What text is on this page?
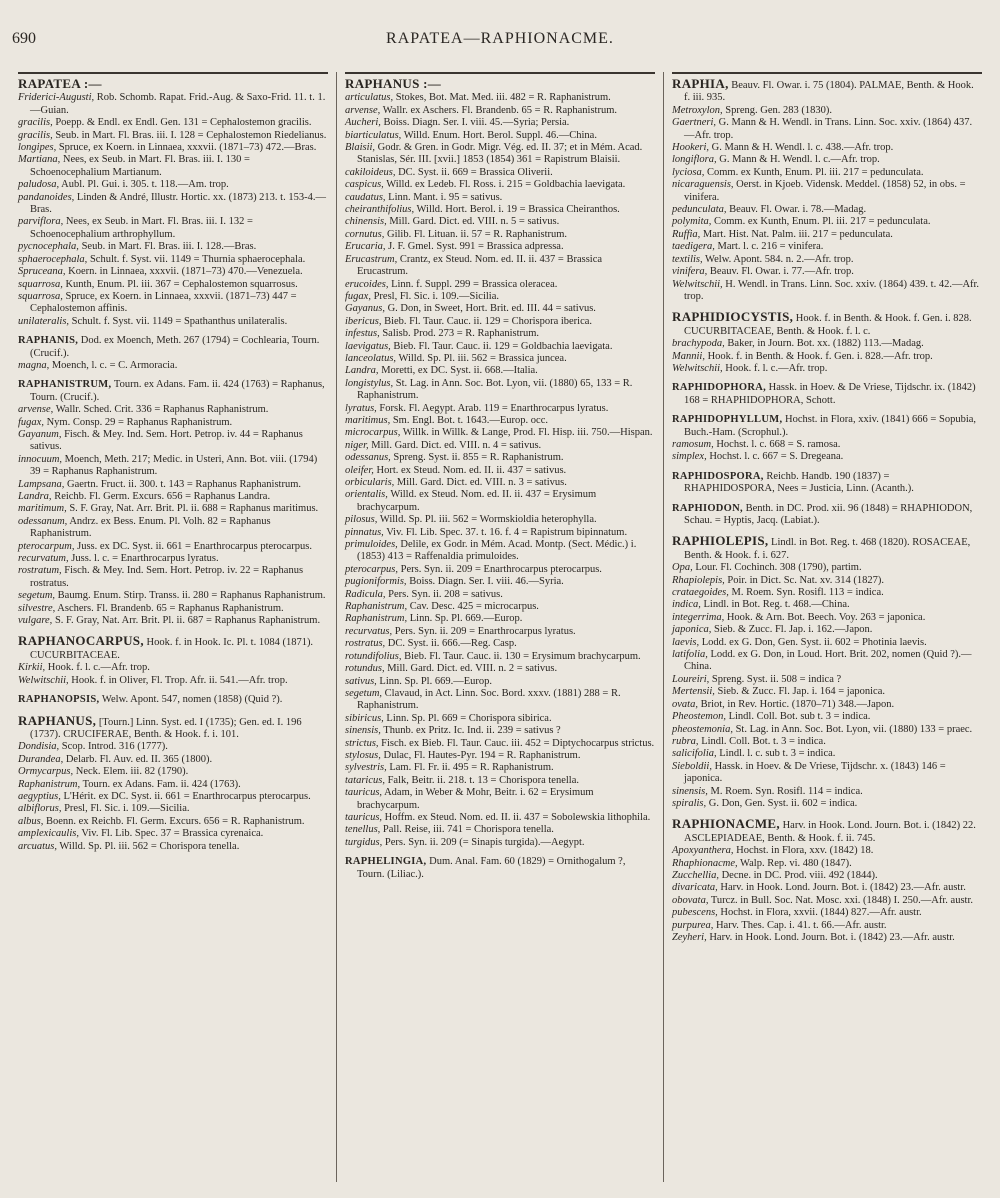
690	RAPATEA—RAPHIONACME.

RAPATEA :—

Friderici-Augusti, Rob. Schomb. Rapat. Frid.-Aug. & Saxo-Frid. 11. t. 1.—Guian.

gracilis, Poepp. & Endl. ex Endl. Gen. 131 = Cephalostemon gracilis.

gracilis, Seub. in Mart. Fl. Bras. iii. I. 128 = Cephalostemon Riedelianus.

longipes, Spruce, ex Koern. in Linnaea, xxxvii. (1871–73) 472.—Bras.

Martiana, Nees, ex Seub. in Mart. Fl. Bras. iii. I. 130 = Schoenocephalium Martianum.

paludosa, Aubl. Pl. Gui. i. 305. t. 118.—Am. trop.

pandanoides, Linden & André, Illustr. Hortic. xx. (1873) 213. t. 153-4.—Bras.

parviflora, Nees, ex Seub. in Mart. Fl. Bras. iii. I. 132 = Schoenocephalium arthrophyllum.

pycnocephala, Seub. in Mart. Fl. Bras. iii. I. 128.—Bras.

sphaerocephala, Schult. f. Syst. vii. 1149 = Thurnia sphaerocephala.

Spruceana, Koern. in Linnaea, xxxvii. (1871–73) 470.—Venezuela.

squarrosa, Kunth, Enum. Pl. iii. 367 = Cephalostemon squarrosus.

squarrosa, Spruce, ex Koern. in Linnaea, xxxvii. (1871–73) 447 = Cephalostemon affinis.

unilateralis, Schult. f. Syst. vii. 1149 = Spathanthus unilateralis.

RAPHANIS, Dod. ex Moench, Meth. 267 (1794) = Cochlearia, Tourn. (Crucif.).

magna, Moench, l. c. = C. Armoracia.

RAPHANISTRUM, Tourn. ex Adans. Fam. ii. 424 (1763) = Raphanus, Tourn. (Crucif.).

arvense, Wallr. Sched. Crit. 336 = Raphanus Raphanistrum.

fugax, Nym. Consp. 29 = Raphanus Raphanistrum.

Gayanum, Fisch. & Mey. Ind. Sem. Hort. Petrop. iv. 44 = Raphanus sativus.

innocuum, Moench, Meth. 217; Medic. in Usteri, Ann. Bot. viii. (1794) 39 = Raphanus Raphanistrum.

Lampsana, Gaertn. Fruct. ii. 300. t. 143 = Raphanus Raphanistrum.

Landra, Reichb. Fl. Germ. Excurs. 656 = Raphanus Landra.

maritimum, S. F. Gray, Nat. Arr. Brit. Pl. ii. 688 = Raphanus maritimus.

odessanum, Andrz. ex Bess. Enum. Pl. Volh. 82 = Raphanus Raphanistrum.

pterocarpum, Juss. ex DC. Syst. ii. 661 = Enarthrocarpus pterocarpus.

recurvatum, Juss. l. c. = Enarthrocarpus lyratus.

rostratum, Fisch. & Mey. Ind. Sem. Hort. Petrop. iv. 22 = Raphanus rostratus.

segetum, Baumg. Enum. Stirp. Transs. ii. 280 = Raphanus Raphanistrum.

silvestre, Aschers. Fl. Brandenb. 65 = Raphanus Raphanistrum.

vulgare, S. F. Gray, Nat. Arr. Brit. Pl. ii. 687 = Raphanus Raphanistrum.

RAPHANOCARPUS, Hook. f. in Hook. Ic. Pl. t. 1084 (1871). CUCURBITACEAE.

Kirkii, Hook. f. l. c.—Afr. trop.

Welwitschii, Hook. f. in Oliver, Fl. Trop. Afr. ii. 541.—Afr. trop.

RAPHANOPSIS, Welw. Apont. 547, nomen (1858) (Quid ?).

RAPHANUS, [Tourn.] Linn. Syst. ed. I (1735); Gen. ed. I. 196 (1737). CRUCIFERAE, Benth. & Hook. f. i. 101.

Dondisia, Scop. Introd. 316 (1777).

Durandea, Delarb. Fl. Auv. ed. II. 365 (1800).

Ormycarpus, Neck. Elem. iii. 82 (1790).

Raphanistrum, Tourn. ex Adans. Fam. ii. 424 (1763).

aegyptius, L'Hérit. ex DC. Syst. ii. 661 = Enarthrocarpus pterocarpus.

albiflorus, Presl, Fl. Sic. i. 109.—Sicilia.

albus, Boenn. ex Reichb. Fl. Germ. Excurs. 656 = R. Raphanistrum.

amplexicaulis, Viv. Fl. Lib. Spec. 37 = Brassica cyrenaica.

arcuatus, Willd. Sp. Pl. iii. 562 = Chorispora tenella.

RAPHANUS :—

articulatus, Stokes, Bot. Mat. Med. iii. 482 = R. Raphanistrum.

arvense, Wallr. ex Aschers. Fl. Brandenb. 65 = R. Raphanistrum.

Aucheri, Boiss. Diagn. Ser. I. viii. 45.—Syria; Persia.

biarticulatus, Willd. Enum. Hort. Berol. Suppl. 46.—China.

Blaisii, Godr. & Gren. in Godr. Migr. Vég. ed. II. 37; et in Mém. Acad. Stanislas, Sér. III. [xvii.] 1853 (1854) 361 = Rapistrum Blaisii.

cakiloideus, DC. Syst. ii. 669 = Brassica Oliverii.

caspicus, Willd. ex Ledeb. Fl. Ross. i. 215 = Goldbachia laevigata.

caudatus, Linn. Mant. i. 95 = sativus.

cheiranthifolius, Willd. Hort. Berol. i. 19 = Brassica Cheiranthos.

chinensis, Mill. Gard. Dict. ed. VIII. n. 5 = sativus.

cornutus, Gilib. Fl. Lituan. ii. 57 = R. Raphanistrum.

Erucaria, J. F. Gmel. Syst. 991 = Brassica adpressa.

Erucastrum, Crantz, ex Steud. Nom. ed. II. ii. 437 = Brassica Erucastrum.

erucoides, Linn. f. Suppl. 299 = Brassica oleracea.

fugax, Presl, Fl. Sic. i. 109.—Sicilia.

Gayanus, G. Don, in Sweet, Hort. Brit. ed. III. 44 = sativus.

ibericus, Bieb. Fl. Taur. Cauc. ii. 129 = Chorispora iberica.

infestus, Salisb. Prod. 273 = R. Raphanistrum.

laevigatus, Bieb. Fl. Taur. Cauc. ii. 129 = Goldbachia laevigata.

lanceolatus, Willd. Sp. Pl. iii. 562 = Brassica juncea.

Landra, Moretti, ex DC. Syst. ii. 668.—Italia.

longistylus, St. Lag. in Ann. Soc. Bot. Lyon, vii. (1880) 65, 133 = R. Raphanistrum.

lyratus, Forsk. Fl. Aegypt. Arab. 119 = Enarthrocarpus lyratus.

maritimus, Sm. Engl. Bot. t. 1643.—Europ. occ.

microcarpus, Willk. in Willk. & Lange, Prod. Fl. Hisp. iii. 750.—Hispan.

niger, Mill. Gard. Dict. ed. VIII. n. 4 = sativus.

odessanus, Spreng. Syst. ii. 855 = R. Raphanistrum.

oleifer, Hort. ex Steud. Nom. ed. II. ii. 437 = sativus.

orbicularis, Mill. Gard. Dict. ed. VIII. n. 3 = sativus.

orientalis, Willd. ex Steud. Nom. ed. II. ii. 437 = Erysimum brachycarpum.

pilosus, Willd. Sp. Pl. iii. 562 = Wormskioldia heterophylla.

pinnatus, Viv. Fl. Lib. Spec. 37. t. 16. f. 4 = Rapistrum bipinnatum.

primuloides, Delile, ex Godr. in Mém. Acad. Montp. (Sect. Médic.) i. (1853) 413 = Raffenaldia primuloides.

pterocarpus, Pers. Syn. ii. 209 = Enarthrocarpus pterocarpus.

pugioniformis, Boiss. Diagn. Ser. I. viii. 46.—Syria.

Radicula, Pers. Syn. ii. 208 = sativus.

Raphanistrum, Cav. Desc. 425 = microcarpus.

Raphanistrum, Linn. Sp. Pl. 669.—Europ.

recurvatus, Pers. Syn. ii. 209 = Enarthrocarpus lyratus.

rostratus, DC. Syst. ii. 666.—Reg. Casp.

rotundifolius, Bieb. Fl. Taur. Cauc. ii. 130 = Erysimum brachycarpum.

rotundus, Mill. Gard. Dict. ed. VIII. n. 2 = sativus.

sativus, Linn. Sp. Pl. 669.—Europ.

segetum, Clavaud, in Act. Linn. Soc. Bord. xxxv. (1881) 288 = R. Raphanistrum.

sibiricus, Linn. Sp. Pl. 669 = Chorispora sibirica.

sinensis, Thunb. ex Pritz. Ic. Ind. ii. 239 = sativus ?

strictus, Fisch. ex Bieb. Fl. Taur. Cauc. iii. 452 = Diptychocarpus strictus.

stylosus, Dulac, Fl. Hautes-Pyr. 194 = R. Raphanistrum.

sylvestris, Lam. Fl. Fr. ii. 495 = R. Raphanistrum.

tataricus, Falk, Beitr. ii. 218. t. 13 = Chorispora tenella.

tauricus, Adam, in Weber & Mohr, Beitr. i. 62 = Erysimum brachycarpum.

tauricus, Hoffm. ex Steud. Nom. ed. II. ii. 437 = Sobolewskia lithophila.

tenellus, Pall. Reise, iii. 741 = Chorispora tenella.

turgidus, Pers. Syn. ii. 209 (= Sinapis turgida).—Aegypt.

RAPHELINGIA, Dum. Anal. Fam. 60 (1829) = Ornithogalum ?, Tourn. (Liliac.).

RAPHIA, Beauv. Fl. Owar. i. 75 (1804). PALMAE, Benth. & Hook. f. iii. 935.

Metroxylon, Spreng. Gen. 283 (1830).

Gaertneri, G. Mann & H. Wendl. in Trans. Linn. Soc. xxiv. (1864) 437.—Afr. trop.

Hookeri, G. Mann & H. Wendl. l. c. 438.—Afr. trop.

longiflora, G. Mann & H. Wendl. l. c.—Afr. trop.

lyciosa, Comm. ex Kunth, Enum. Pl. iii. 217 = pedunculata.

nicaraguensis, Oerst. in Kjoeb. Vidensk. Meddel. (1858) 52, in obs. = vinifera.

pedunculata, Beauv. Fl. Owar. i. 78.—Madag.

polymita, Comm. ex Kunth, Enum. Pl. iii. 217 = pedunculata.

Ruffia, Mart. Hist. Nat. Palm. iii. 217 = pedunculata.

taedigera, Mart. l. c. 216 = vinifera.

textilis, Welw. Apont. 584. n. 2.—Afr. trop.

vinifera, Beauv. Fl. Owar. i. 77.—Afr. trop.

Welwitschii, H. Wendl. in Trans. Linn. Soc. xxiv. (1864) 439. t. 42.—Afr. trop.

RAPHIDIOCYSTIS, Hook. f. in Benth. & Hook. f. Gen. i. 828. CUCURBITACEAE, Benth. & Hook. f. l. c.

brachypoda, Baker, in Journ. Bot. xx. (1882) 113.—Madag.

Mannii, Hook. f. in Benth. & Hook. f. Gen. i. 828.—Afr. trop.

Welwitschii, Hook. f. l. c.—Afr. trop.

RAPHIDOPHORA, Hassk. in Hoev. & De Vriese, Tijdschr. ix. (1842) 168 = RHAPHIDOPHORA, Schott.

RAPHIDOPHYLLUM, Hochst. in Flora, xxiv. (1841) 666 = Sopubia, Buch.-Ham. (Scrophul.).

ramosum, Hochst. l. c. 668 = S. ramosa.

simplex, Hochst. l. c. 667 = S. Dregeana.

RAPHIDOSPORA, Reichb. Handb. 190 (1837) = RHAPHIDOSPORA, Nees = Justicia, Linn. (Acanth.).

RAPHIODON, Benth. in DC. Prod. xii. 96 (1848) = RHAPHIODON, Schau. = Hyptis, Jacq. (Labiat.).

RAPHIOLEPIS, Lindl. in Bot. Reg. t. 468 (1820). ROSACEAE, Benth. & Hook. f. i. 627.

Opa, Lour. Fl. Cochinch. 308 (1790), partim.

Rhapiolepis, Poir. in Dict. Sc. Nat. xv. 314 (1827).

crataegoides, M. Roem. Syn. Rosifl. 113 = indica.

indica, Lindl. in Bot. Reg. t. 468.—China.

integerrima, Hook. & Arn. Bot. Beech. Voy. 263 = japonica.

japonica, Sieb. & Zucc. Fl. Jap. i. 162.—Japon.

laevis, Lodd. ex G. Don, Gen. Syst. ii. 602 = Photinia laevis.

latifolia, Lodd. ex G. Don, in Loud. Hort. Brit. 202, nomen (Quid ?).—China.

Loureiri, Spreng. Syst. ii. 508 = indica ?

Mertensii, Sieb. & Zucc. Fl. Jap. i. 164 = japonica.

ovata, Briot, in Rev. Hortic. (1870–71) 348.—Japon.

Pheostemon, Lindl. Coll. Bot. sub t. 3 = indica.

pheostemonia, St. Lag. in Ann. Soc. Bot. Lyon, vii. (1880) 133 = praec.

rubra, Lindl. Coll. Bot. t. 3 = indica.

salicifolia, Lindl. l. c. sub t. 3 = indica.

Sieboldii, Hassk. in Hoev. & De Vriese, Tijdschr. x. (1843) 146 = japonica.

sinensis, M. Roem. Syn. Rosifl. 114 = indica.

spiralis, G. Don, Gen. Syst. ii. 602 = indica.

RAPHIONACME, Harv. in Hook. Lond. Journ. Bot. i. (1842) 22. ASCLEPIADEAE, Benth. & Hook. f. ii. 745.

Apoxyanthera, Hochst. in Flora, xxv. (1842) 18.

Rhaphionacme, Walp. Rep. vi. 480 (1847).

Zucchellia, Decne. in DC. Prod. viii. 492 (1844).

divaricata, Harv. in Hook. Lond. Journ. Bot. i. (1842) 23.—Afr. austr.

obovata, Turcz. in Bull. Soc. Nat. Mosc. xxi. (1848) I. 250.—Afr. austr.

pubescens, Hochst. in Flora, xxvii. (1844) 827.—Afr. austr.

purpurea, Harv. Thes. Cap. i. 41. t. 66.—Afr. austr.

Zeyheri, Harv. in Hook. Lond. Journ. Bot. i. (1842) 23.—Afr. austr.
